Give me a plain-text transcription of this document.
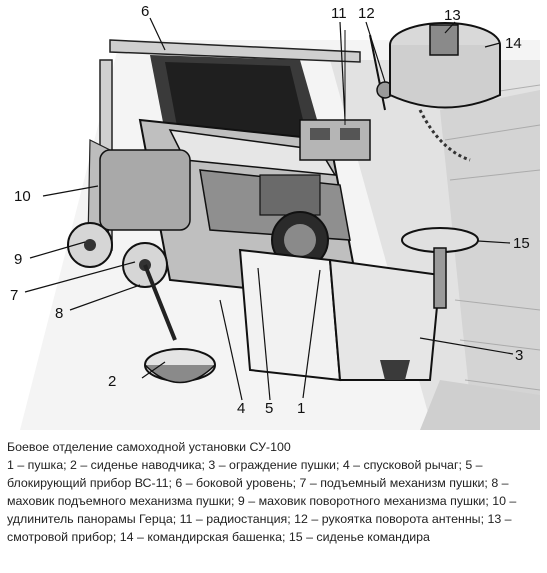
1
2
3
4 5
6
7
8
9
10
11 12	13
14
15
Боевое отделение самоходной установки СУ-100
1 – пушка; 2 – сиденье наводчика; 3 – ограждение пушки; 4 – спусковой рычаг; 5 – блокирующий прибор ВС-11; 6 – боковой уровень; 7 – подъемный механизм пушки; 8 – маховик подъемного механизма пушки; 9 – маховик поворотного механизма пушки; 10 – удлинитель панорамы Герца; 11 – радиостанция; 12 – рукоятка поворота антенны; 13 – смотровой прибор; 14 – командирская башенка; 15 – сиденье командира
